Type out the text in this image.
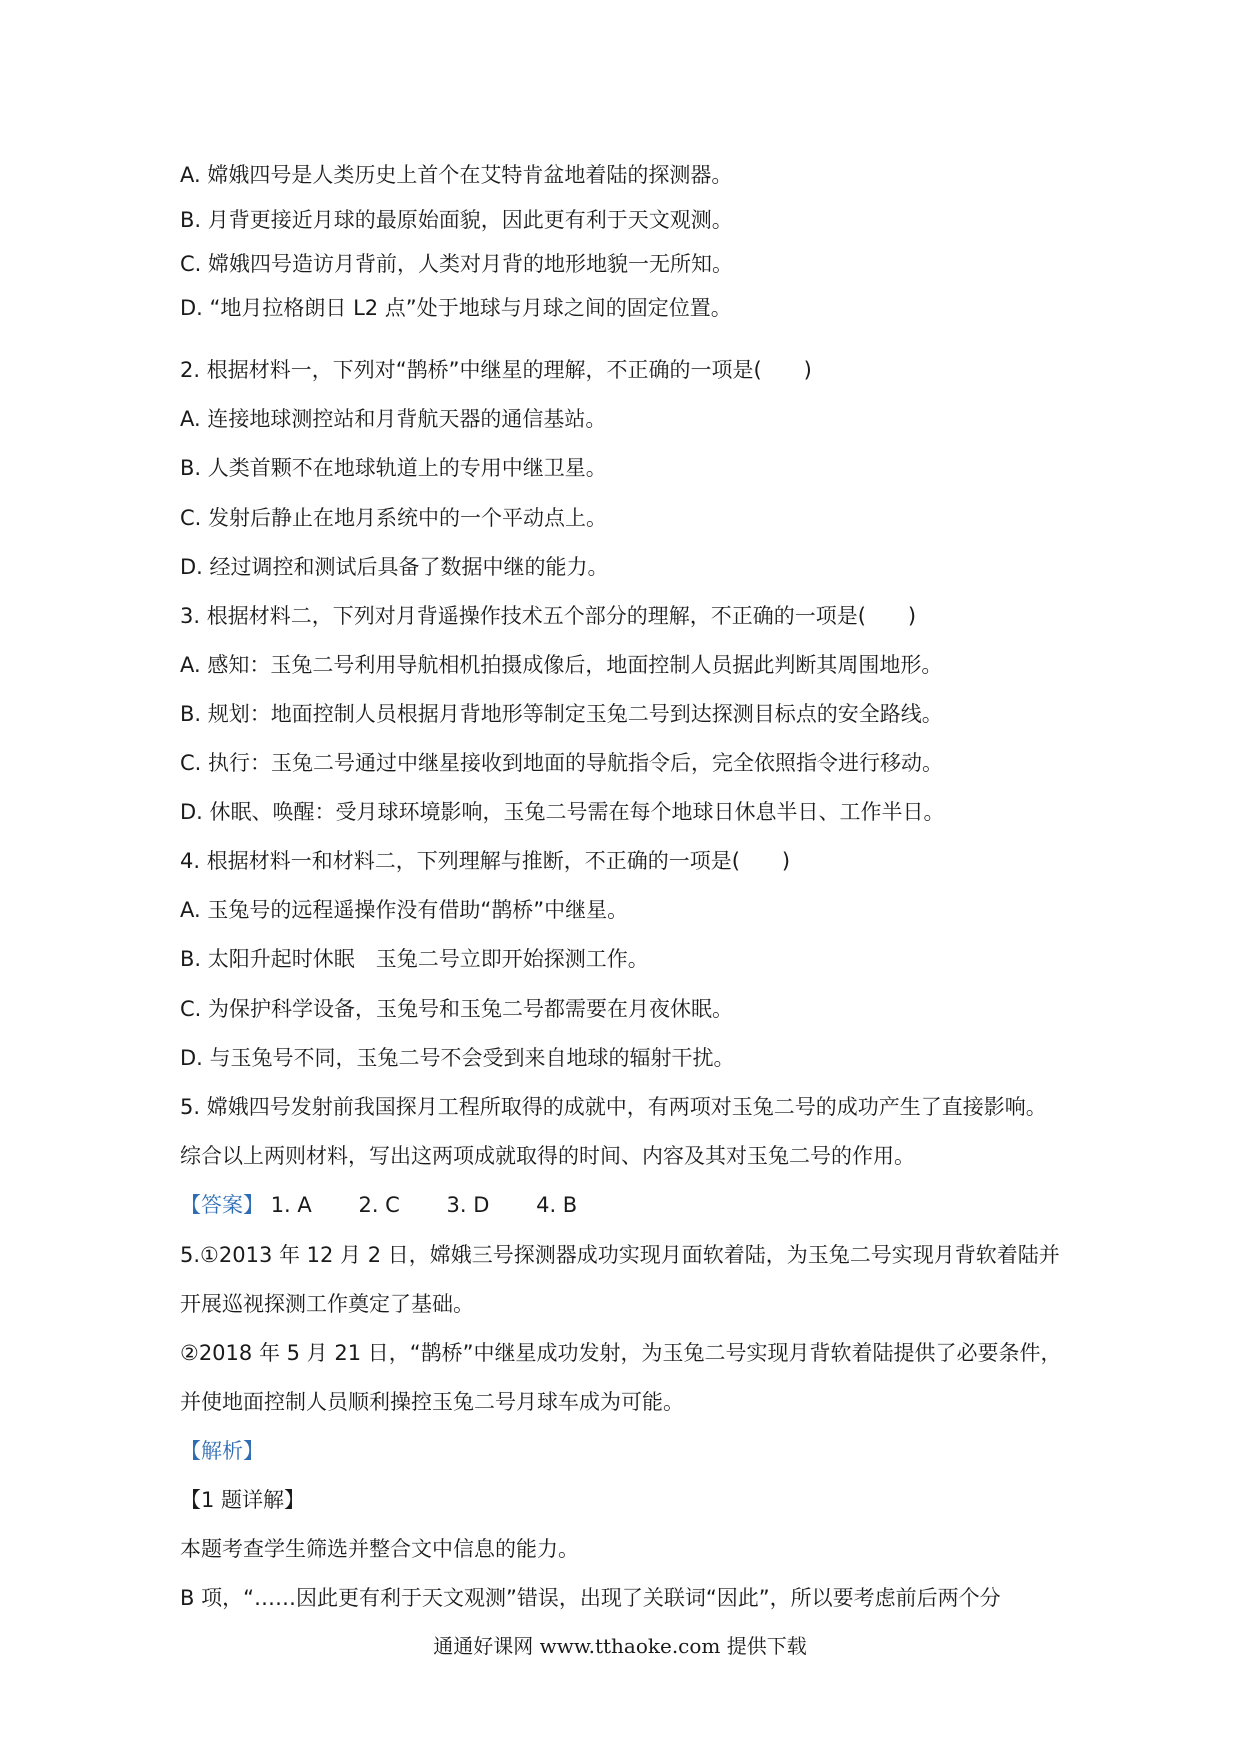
A. 嫦娥四号是人类历史上首个在艾特肯盆地着陆的探测器。
B. 月背更接近月球的最原始面貌，因此更有利于天文观测。
C. 嫦娥四号造访月背前，人类对月背的地形地貌一无所知。
D. “地月拉格朗日 L2 点”处于地球与月球之间的固定位置。
2. 根据材料一，下列对“鹊桥”中继星的理解，不正确的一项是(　　)
A. 连接地球测控站和月背航天器的通信基站。
B. 人类首颗不在地球轨道上的专用中继卫星。
C. 发射后静止在地月系统中的一个平动点上。
D. 经过调控和测试后具备了数据中继的能力。
3. 根据材料二，下列对月背遥操作技术五个部分的理解，不正确的一项是(　　)
A. 感知：玉兔二号利用导航相机拍摄成像后，地面控制人员据此判断其周围地形。
B. 规划：地面控制人员根据月背地形等制定玉兔二号到达探测目标点的安全路线。
C. 执行：玉兔二号通过中继星接收到地面的导航指令后，完全依照指令进行移动。
D. 休眠、唤醒：受月球环境影响，玉兔二号需在每个地球日休息半日、工作半日。
4. 根据材料一和材料二，下列理解与推断，不正确的一项是(　　)
A. 玉兔号的远程遥操作没有借助“鹊桥”中继星。
B. 太阳升起时休眠　玉兔二号立即开始探测工作。
C. 为保护科学设备，玉兔号和玉兔二号都需要在月夜休眠。
D. 与玉兔号不同，玉兔二号不会受到来自地球的辐射干扰。
5. 嫦娥四号发射前我国探月工程所取得的成就中，有两项对玉兔二号的成功产生了直接影响。
综合以上两则材料，写出这两项成就取得的时间、内容及其对玉兔二号的作用。
【答案】 1. A 2. C 3. D 4. B
5.①2013 年 12 月 2 日，嫦娥三号探测器成功实现月面软着陆，为玉兔二号实现月背软着陆并
开展巡视探测工作奠定了基础。
②2018 年 5 月 21 日，“鹊桥”中继星成功发射，为玉兔二号实现月背软着陆提供了必要条件，
并使地面控制人员顺利操控玉兔二号月球车成为可能。
【解析】
【1 题详解】
本题考查学生筛选并整合文中信息的能力。
B 项，“……因此更有利于天文观测”错误，出现了关联词“因此”，所以要考虑前后两个分
通通好课网 www.tthaoke.com 提供下载
